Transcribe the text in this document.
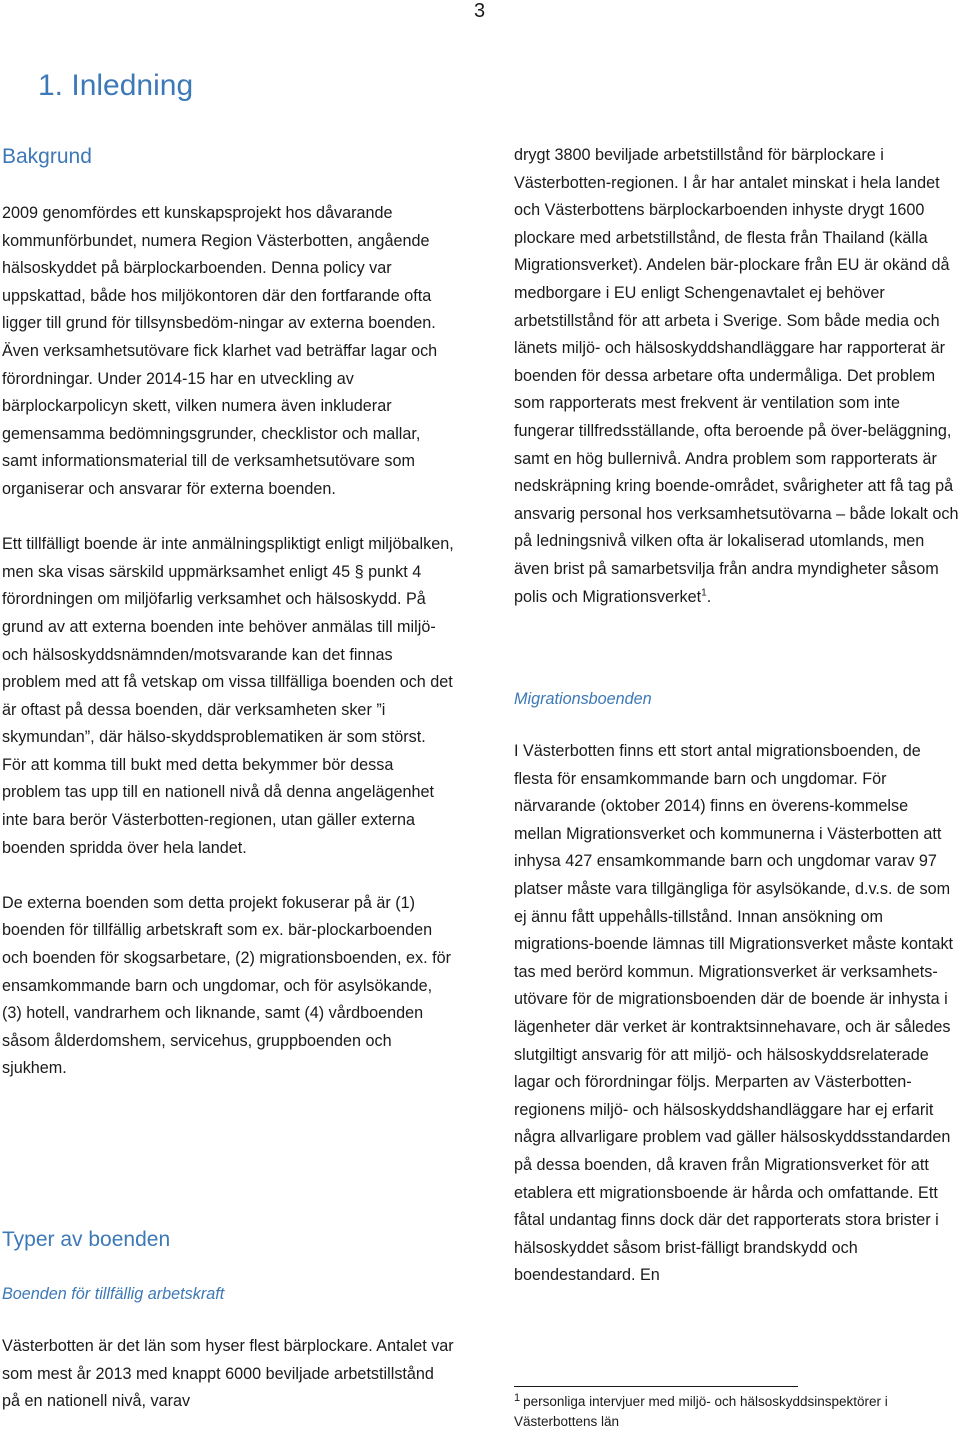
3
1. Inledning
Bakgrund

2009 genomfördes ett kunskapsprojekt hos dåvarande kommunförbundet, numera Region Västerbotten, angående hälsoskyddet på bärplockarboenden. Denna policy var uppskattad, både hos miljökontoren där den fortfarande ofta ligger till grund för tillsynsbedöm-ningar av externa boenden. Även verksamhetsutövare fick klarhet vad beträffar lagar och förordningar. Under 2014-15 har en utveckling av bärplockarpolicyn skett, vilken numera även inkluderar gemensamma bedömningsgrunder, checklistor och mallar, samt informationsmaterial till de verksamhetsutövare som organiserar och ansvarar för externa boenden.

Ett tillfälligt boende är inte anmälningspliktigt enligt miljöbalken, men ska visas särskild uppmärksamhet enligt 45 § punkt 4 förordningen om miljöfarlig verksamhet och hälsoskydd. På grund av att externa boenden inte behöver anmälas till miljö- och hälsoskyddsnämnden/motsvarande kan det finnas problem med att få vetskap om vissa tillfälliga boenden och det är oftast på dessa boenden, där verksamheten sker ”i skymundan”, där hälso-skyddsproblematiken är som störst. För att komma till bukt med detta bekymmer bör dessa problem tas upp till en nationell nivå då denna angelägenhet inte bara berör Västerbotten-regionen, utan gäller externa boenden spridda över hela landet.

De externa boenden som detta projekt fokuserar på är (1) boenden för tillfällig arbetskraft som ex. bär-plockarboenden och boenden för skogsarbetare, (2) migrationsboenden, ex. för ensamkommande barn och ungdomar, och för asylsökande, (3) hotell, vandrarhem och liknande, samt (4) vårdboenden såsom ålderdomshem, servicehus, gruppboenden och sjukhem.

Typer av boenden
Boenden för tillfällig arbetskraft

Västerbotten är det län som hyser flest bärplockare. Antalet var som mest år 2013 med knappt 6000 beviljade arbetstillstånd på en nationell nivå, varav

drygt 3800 beviljade arbetstillstånd för bärplockare i Västerbotten-regionen. I år har antalet minskat i hela landet och Västerbottens bärplockarboenden inhyste drygt 1600 plockare med arbetstillstånd, de flesta från Thailand (källa Migrationsverket). Andelen bär-plockare från EU är okänd då medborgare i EU enligt Schengenavtalet ej behöver arbetstillstånd för att arbeta i Sverige. Som både media och länets miljö- och hälsoskyddshandläggare har rapporterat är boenden för dessa arbetare ofta undermåliga. Det problem som rapporterats mest frekvent är ventilation som inte fungerar tillfredsställande, ofta beroende på över-beläggning, samt en hög bullernivå. Andra problem som rapporterats är nedskräpning kring boende-området, svårigheter att få tag på ansvarig personal hos verksamhetsutövarna – både lokalt och på ledningsnivå vilken ofta är lokaliserad utomlands, men även brist på samarbetsvilja från andra myndigheter såsom polis och Migrationsverket$^1$.

Migrationsboenden

I Västerbotten finns ett stort antal migrationsboenden, de flesta för ensamkommande barn och ungdomar. För närvarande (oktober 2014) finns en överens-kommelse mellan Migrationsverket och kommunerna i Västerbotten att inhysa 427 ensamkommande barn och ungdomar varav 97 platser måste vara tillgängliga för asylsökande, d.v.s. de som ej ännu fått uppehålls-tillstånd. Innan ansökning om migrations-boende lämnas till Migrationsverket måste kontakt tas med berörd kommun. Migrationsverket är verksamhets-utövare för de migrationsboenden där de boende är inhysta i lägenheter där verket är kontraktsinnehavare, och är således slutgiltigt ansvarig för att miljö- och hälsoskyddsrelaterade lagar och förordningar följs. Merparten av Västerbotten-regionens miljö- och hälsoskyddshandläggare har ej erfarit några allvarligare problem vad gäller hälsoskyddsstandarden på dessa boenden, då kraven från Migrationsverket för att etablera ett migrationsboende är hårda och omfattande. Ett fåtal undantag finns dock där det rapporterats stora brister i hälsoskyddet såsom brist-fälligt brandskydd och boendestandard. En

$^1$ personliga intervjuer med miljö- och hälsoskyddsinspektörer i Västerbottens län
